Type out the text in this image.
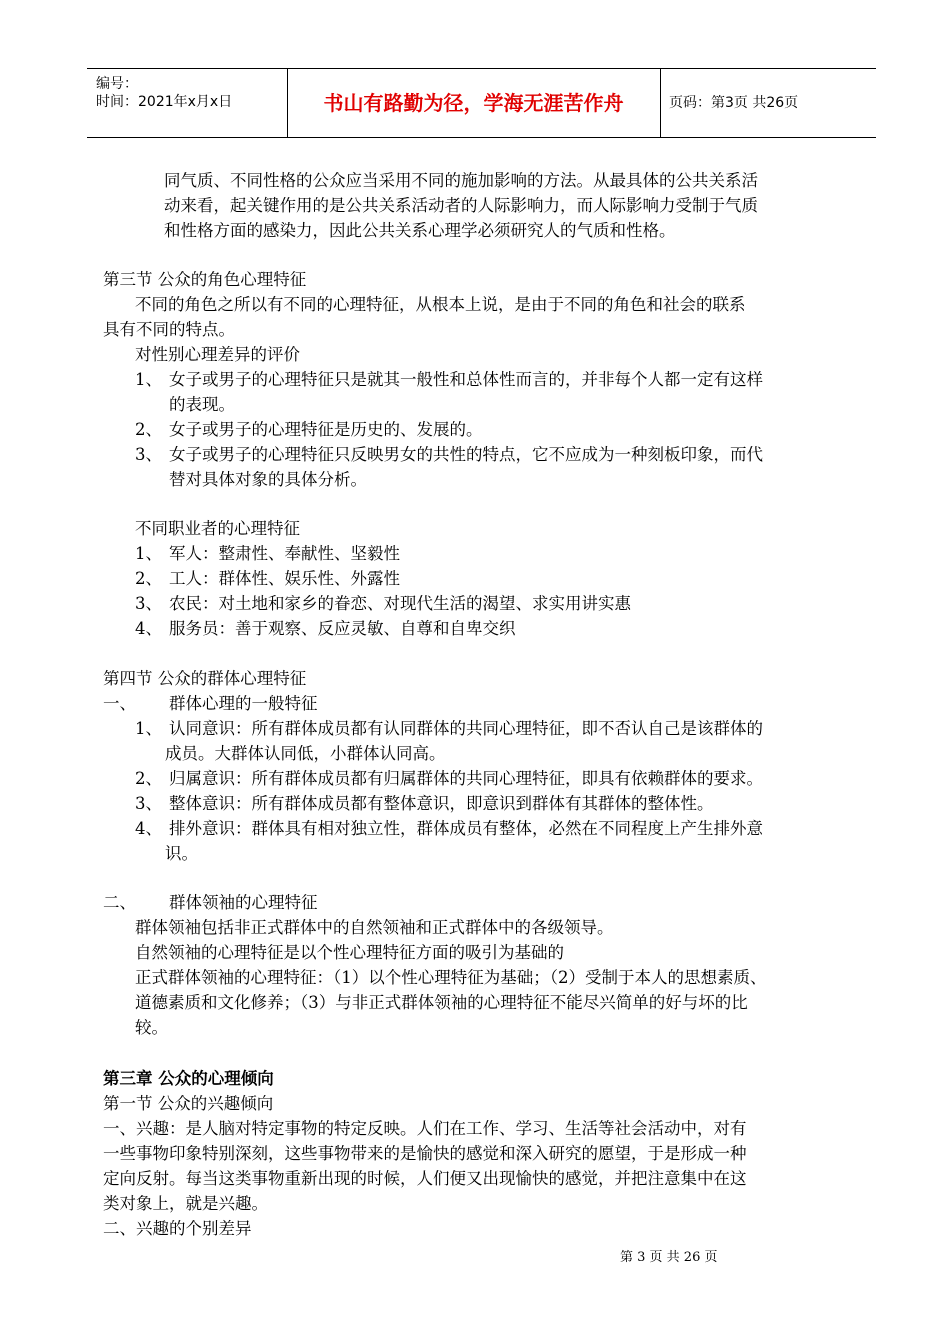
编号：
时间：2021年x月x日	书山有路勤为径，学海无涯苦作舟	页码：第3页 共26页
同气质、不同性格的公众应当采用不同的施加影响的方法。从最具体的公共关系活
动来看，起关键作用的是公共关系活动者的人际影响力，而人际影响力受制于气质
和性格方面的感染力，因此公共关系心理学必须研究人的气质和性格。
第三节 公众的角色心理特征
不同的角色之所以有不同的心理特征，从根本上说，是由于不同的角色和社会的联系
具有不同的特点。
对性别心理差异的评价
1、 女子或男子的心理特征只是就其一般性和总体性而言的，并非每个人都一定有这样
的表现。
2、 女子或男子的心理特征是历史的、发展的。
3、 女子或男子的心理特征只反映男女的共性的特点，它不应成为一种刻板印象，而代
替对具体对象的具体分析。
不同职业者的心理特征
1、 军人：整肃性、奉献性、坚毅性
2、 工人：群体性、娱乐性、外露性
3、 农民：对土地和家乡的眷恋、对现代生活的渴望、求实用讲实惠
4、 服务员：善于观察、反应灵敏、自尊和自卑交织
第四节 公众的群体心理特征
一、 群体心理的一般特征
1、 认同意识：所有群体成员都有认同群体的共同心理特征，即不否认自己是该群体的
成员。大群体认同低，小群体认同高。
2、 归属意识：所有群体成员都有归属群体的共同心理特征，即具有依赖群体的要求。
3、 整体意识：所有群体成员都有整体意识，即意识到群体有其群体的整体性。
4、 排外意识：群体具有相对独立性，群体成员有整体，必然在不同程度上产生排外意
识。
二、 群体领袖的心理特征
群体领袖包括非正式群体中的自然领袖和正式群体中的各级领导。
自然领袖的心理特征是以个性心理特征方面的吸引为基础的
正式群体领袖的心理特征：（1）以个性心理特征为基础；（2）受制于本人的思想素质、
道德素质和文化修养；（3）与非正式群体领袖的心理特征不能尽兴简单的好与坏的比
较。
第三章 公众的心理倾向
第一节 公众的兴趣倾向
一、兴趣：是人脑对特定事物的特定反映。人们在工作、学习、生活等社会活动中，对有
一些事物印象特别深刻，这些事物带来的是愉快的感觉和深入研究的愿望，于是形成一种
定向反射。每当这类事物重新出现的时候，人们便又出现愉快的感觉，并把注意集中在这
类对象上，就是兴趣。
二、兴趣的个别差异
第 3 页 共 26 页
